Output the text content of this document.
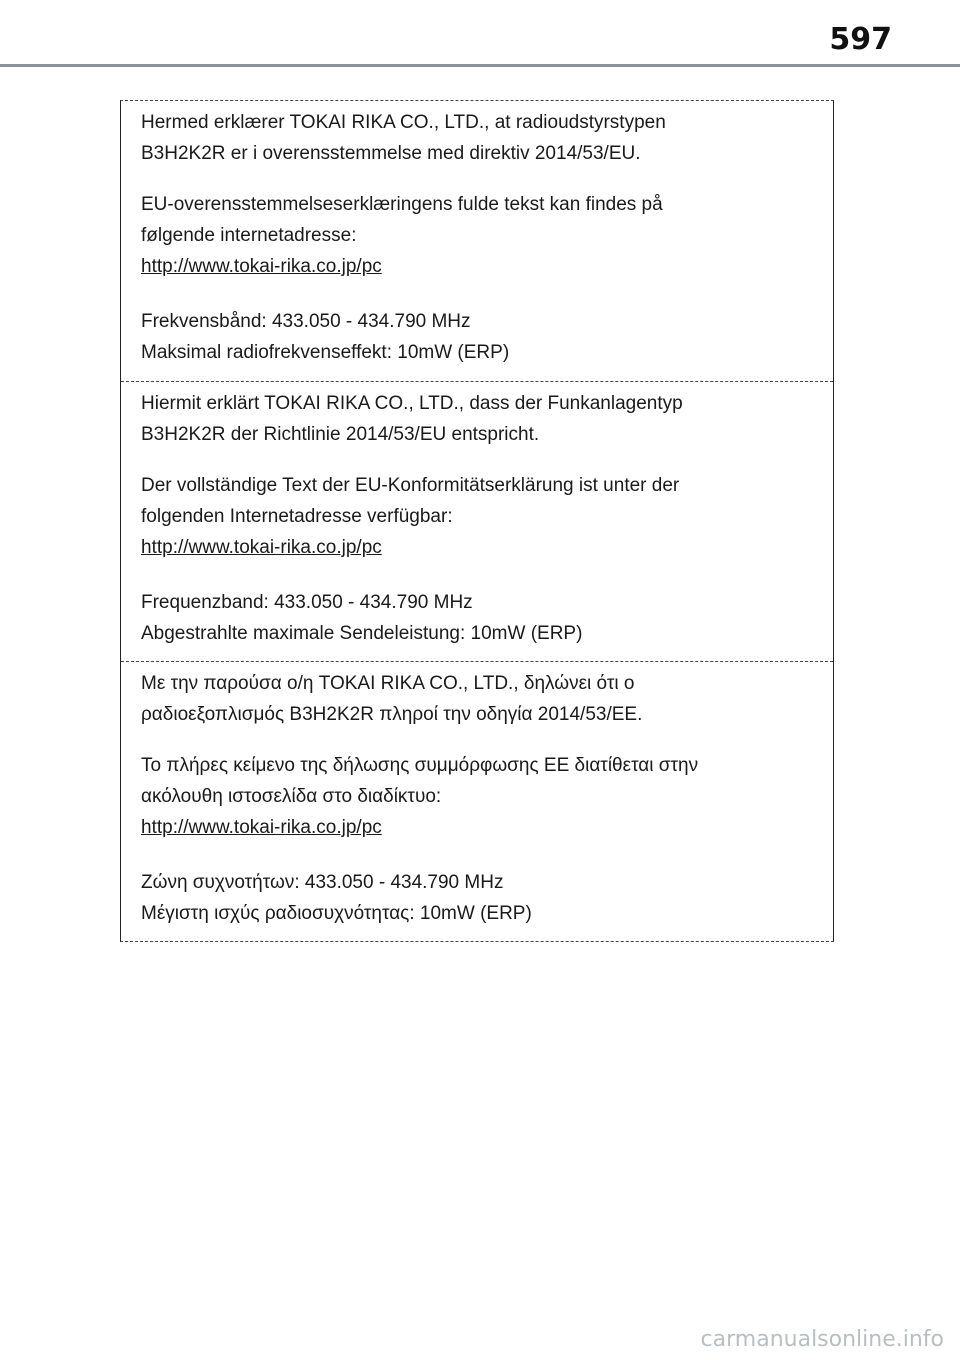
597

Hermed erklærer TOKAI RIKA CO., LTD., at radioudstyrstypen

B3H2K2R er i overensstemmelse med direktiv 2014/53/EU.

EU-overensstemmelseserklæringens fulde tekst kan findes på

følgende internetadresse:

http://www.tokai-rika.co.jp/pc

Frekvensbånd: 433.050 - 434.790 MHz

Maksimal radiofrekvenseffekt: 10mW (ERP)

Hiermit erklärt TOKAI RIKA CO., LTD., dass der Funkanlagentyp

B3H2K2R der Richtlinie 2014/53/EU entspricht.

Der vollständige Text der EU-Konformitätserklärung ist unter der

folgenden Internetadresse verfügbar:

http://www.tokai-rika.co.jp/pc

Frequenzband: 433.050 - 434.790 MHz

Abgestrahlte maximale Sendeleistung: 10mW (ERP)

Με την παρούσα ο/η TOKAI RIKA CO., LTD., δηλώνει ότι ο

ραδιοεξοπλισμός B3H2K2R πληροί την οδηγία 2014/53/ΕΕ.

Το πλήρες κείμενο της δήλωσης συμμόρφωσης ΕΕ διατίθεται στην

ακόλουθη ιστοσελίδα στο διαδίκτυο:

http://www.tokai-rika.co.jp/pc

Ζώνη συχνοτήτων: 433.050 - 434.790 MHz

Μέγιστη ισχύς ραδιοσυχνότητας: 10mW (ERP)

carmanualsonline.info
